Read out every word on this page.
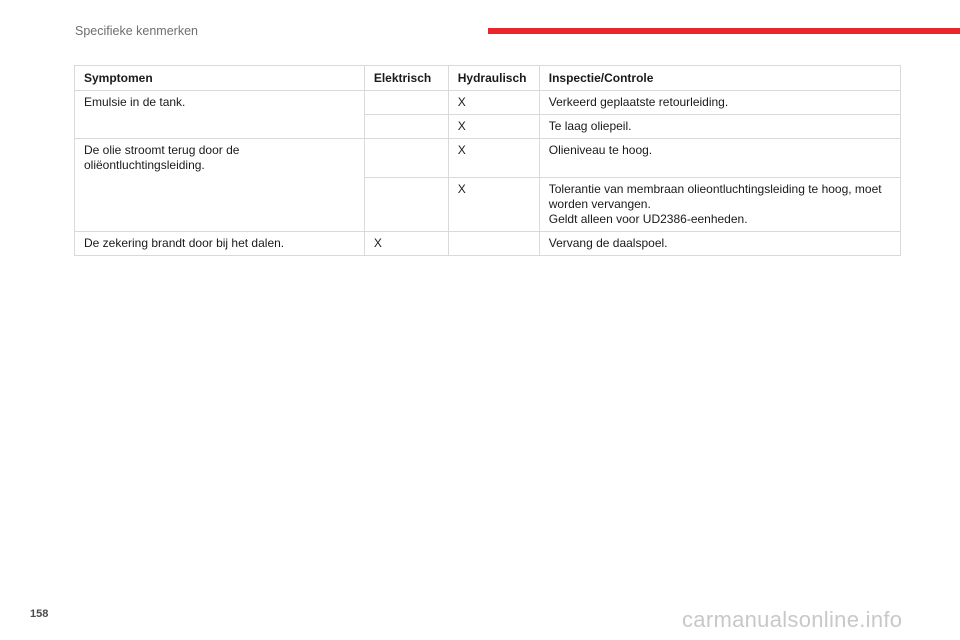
Specifieke kenmerken
Symptomen	Elektrisch	Hydraulisch	Inspectie/Controle
Emulsie in de tank.		X	Verkeerd geplaatste retourleiding.
		X	Te laag oliepeil.
De olie stroomt terug door de oliëontluchtingsleiding.		X	Olieniveau te hoog.
		X	Tolerantie van membraan olieontluchtingsleiding te hoog, moet worden vervangen.
Geldt alleen voor UD2386-eenheden.

De zekering brandt door bij het dalen.	X		Vervang de daalspoel.
158	carmanualsonline.info
